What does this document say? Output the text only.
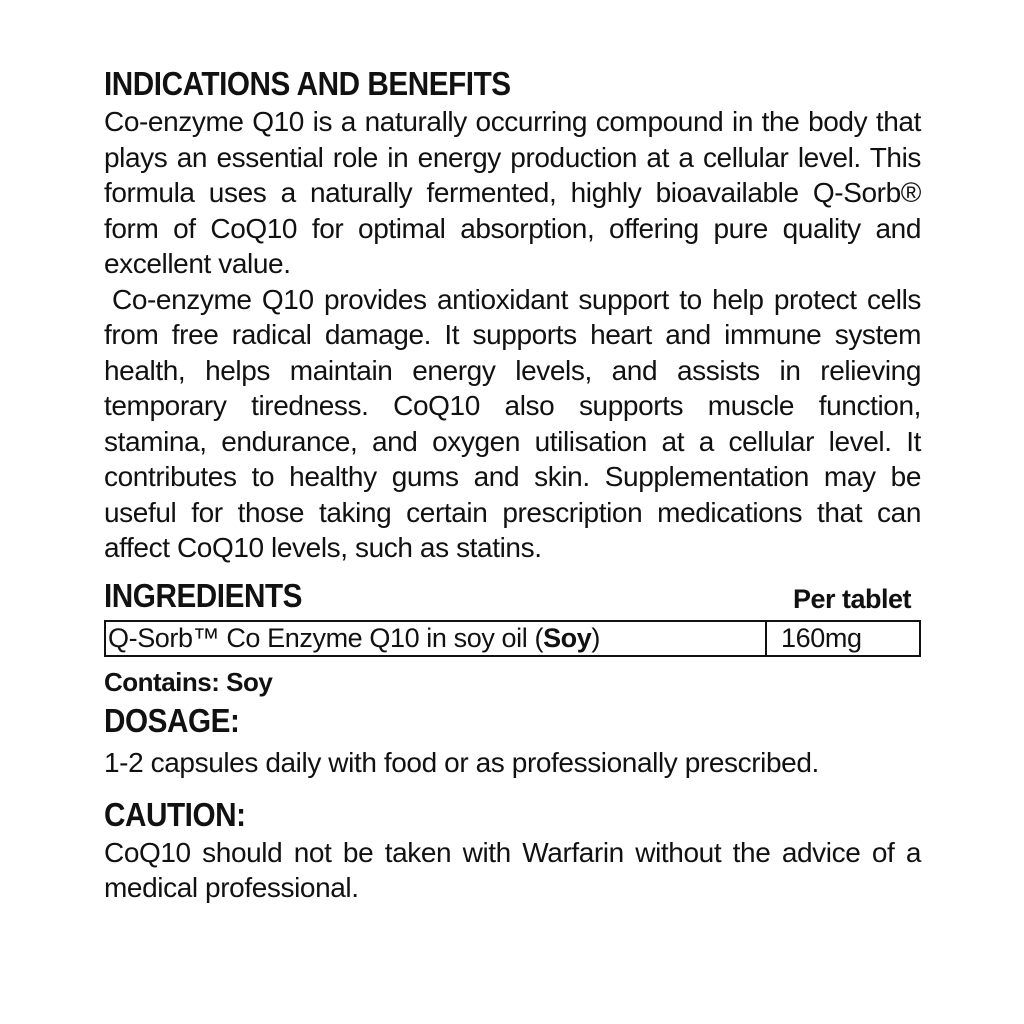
INDICATIONS AND BENEFITS

Co-enzyme Q10 is a naturally occurring compound in the body that plays an essential role in energy production at a cellular level. This formula uses a naturally fermented, highly bioavailable Q-Sorb® form of CoQ10 for optimal absorption, offering pure quality and excellent value.

Co-enzyme Q10 provides antioxidant support to help protect cells from free radical damage. It supports heart and immune system health, helps maintain energy levels, and assists in relieving temporary tiredness. CoQ10 also supports muscle function, stamina, endurance, and oxygen utilisation at a cellular level. It contributes to healthy gums and skin. Supplementation may be useful for those taking certain prescription medications that can affect CoQ10 levels, such as statins.

INGREDIENTS	Per tablet
Q-Sorb™ Co Enzyme Q10 in soy oil (Soy)	160mg
Contains: Soy
DOSAGE:

1-2 capsules daily with food or as professionally prescribed.

CAUTION:

CoQ10 should not be taken with Warfarin without the advice of a medical professional.
